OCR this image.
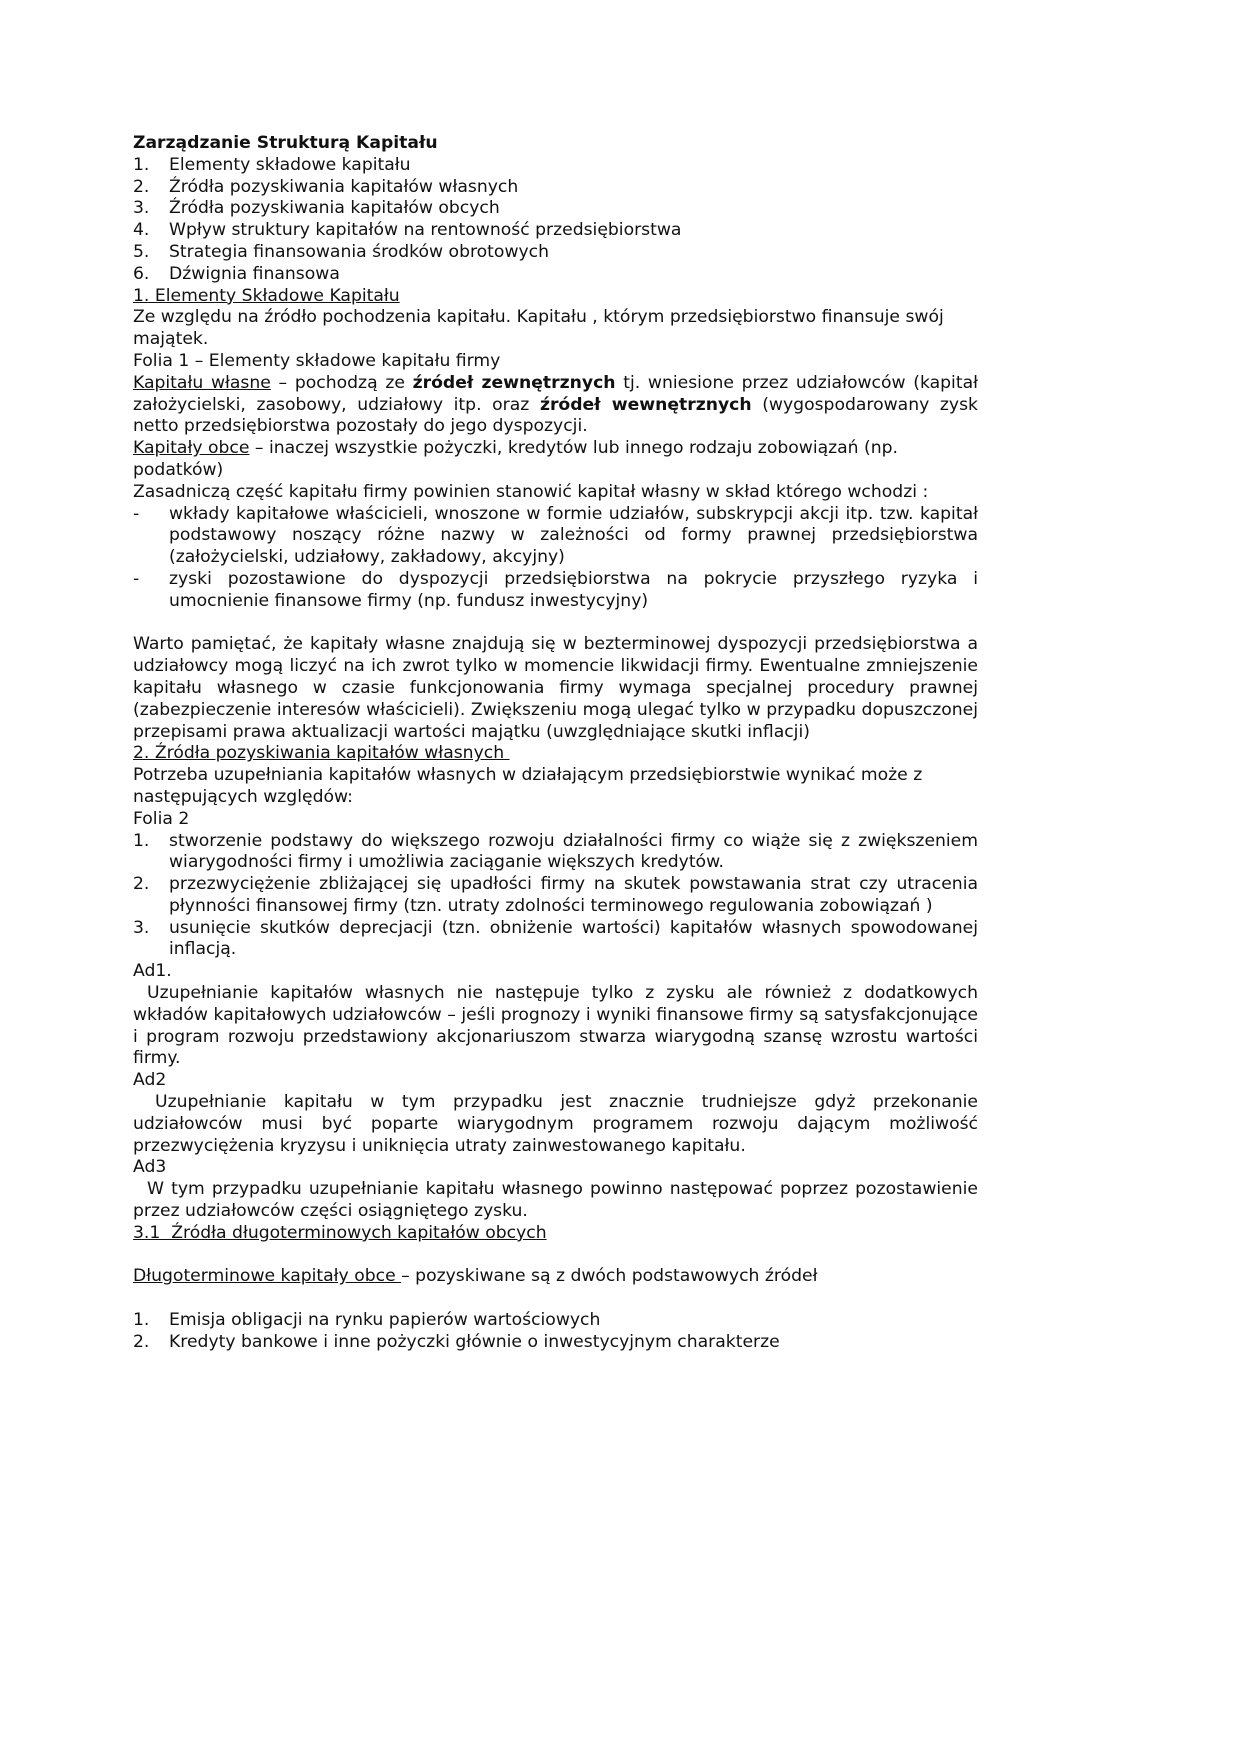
Zarządzanie Strukturą Kapitału

1.	Elementy składowe kapitału
2.	Źródła pozyskiwania kapitałów własnych
3.	Źródła pozyskiwania kapitałów obcych
4.	Wpływ struktury kapitałów na rentowność przedsiębiorstwa
5.	Strategia finansowania środków obrotowych
6.	Dźwignia finansowa

1. Elementy Składowe Kapitału

Ze względu na źródło pochodzenia kapitału. Kapitału , którym przedsiębiorstwo finansuje swój majątek.

Folia 1 – Elementy składowe kapitału firmy

Kapitału własne – pochodzą ze źródeł zewnętrznych tj. wniesione przez udziałowców (kapitał założycielski, zasobowy, udziałowy itp. oraz źródeł wewnętrznych (wygospodarowany zysk netto przedsiębiorstwa pozostały do jego dyspozycji.

Kapitały obce – inaczej wszystkie pożyczki, kredytów lub innego rodzaju zobowiązań (np. podatków)

Zasadniczą część kapitału firmy powinien stanowić kapitał własny w skład którego wchodzi :

-	wkłady kapitałowe właścicieli, wnoszone w formie udziałów, subskrypcji akcji itp. tzw. kapitał podstawowy noszący różne nazwy w zależności od formy prawnej przedsiębiorstwa (założycielski, udziałowy, zakładowy, akcyjny)
-	zyski pozostawione do dyspozycji przedsiębiorstwa na pokrycie przyszłego ryzyka i umocnienie finansowe firmy (np. fundusz inwestycyjny)

Warto pamiętać, że kapitały własne znajdują się w bezterminowej dyspozycji przedsiębiorstwa a udziałowcy mogą liczyć na ich zwrot tylko w momencie likwidacji firmy. Ewentualne zmniejszenie kapitału własnego w czasie funkcjonowania firmy wymaga specjalnej procedury prawnej (zabezpieczenie interesów właścicieli). Zwiększeniu mogą ulegać tylko w przypadku dopuszczonej przepisami prawa aktualizacji wartości majątku (uwzględniające skutki inflacji)

2. Źródła pozyskiwania kapitałów własnych

Potrzeba uzupełniania kapitałów własnych w działającym przedsiębiorstwie wynikać może z następujących względów:

Folia 2

1.	stworzenie podstawy do większego rozwoju działalności firmy co wiąże się z zwiększeniem wiarygodności firmy i umożliwia zaciąganie większych kredytów.
2.	przezwyciężenie zbliżającej się upadłości firmy na skutek powstawania strat czy utracenia płynności finansowej firmy (tzn. utraty zdolności terminowego regulowania zobowiązań )
3.	usunięcie skutków deprecjacji (tzn. obniżenie wartości) kapitałów własnych spowodowanej inflacją.

Ad1.

Uzupełnianie kapitałów własnych nie następuje tylko z zysku ale również z dodatkowych wkładów kapitałowych udziałowców – jeśli prognozy i wyniki finansowe firmy są satysfakcjonujące i program rozwoju przedstawiony akcjonariuszom stwarza wiarygodną szansę wzrostu wartości firmy.

Ad2

Uzupełnianie kapitału w tym przypadku jest znacznie trudniejsze gdyż przekonanie udziałowców musi być poparte wiarygodnym programem rozwoju dającym możliwość przezwyciężenia kryzysu i uniknięcia utraty zainwestowanego kapitału.

Ad3

W tym przypadku uzupełnianie kapitału własnego powinno następować poprzez pozostawienie przez udziałowców części osiągniętego zysku.

3.1  Źródła długoterminowych kapitałów obcych

Długoterminowe kapitały obce – pozyskiwane są z dwóch podstawowych źródeł

1.	Emisja obligacji na rynku papierów wartościowych
2.	Kredyty bankowe i inne pożyczki głównie o inwestycyjnym charakterze
